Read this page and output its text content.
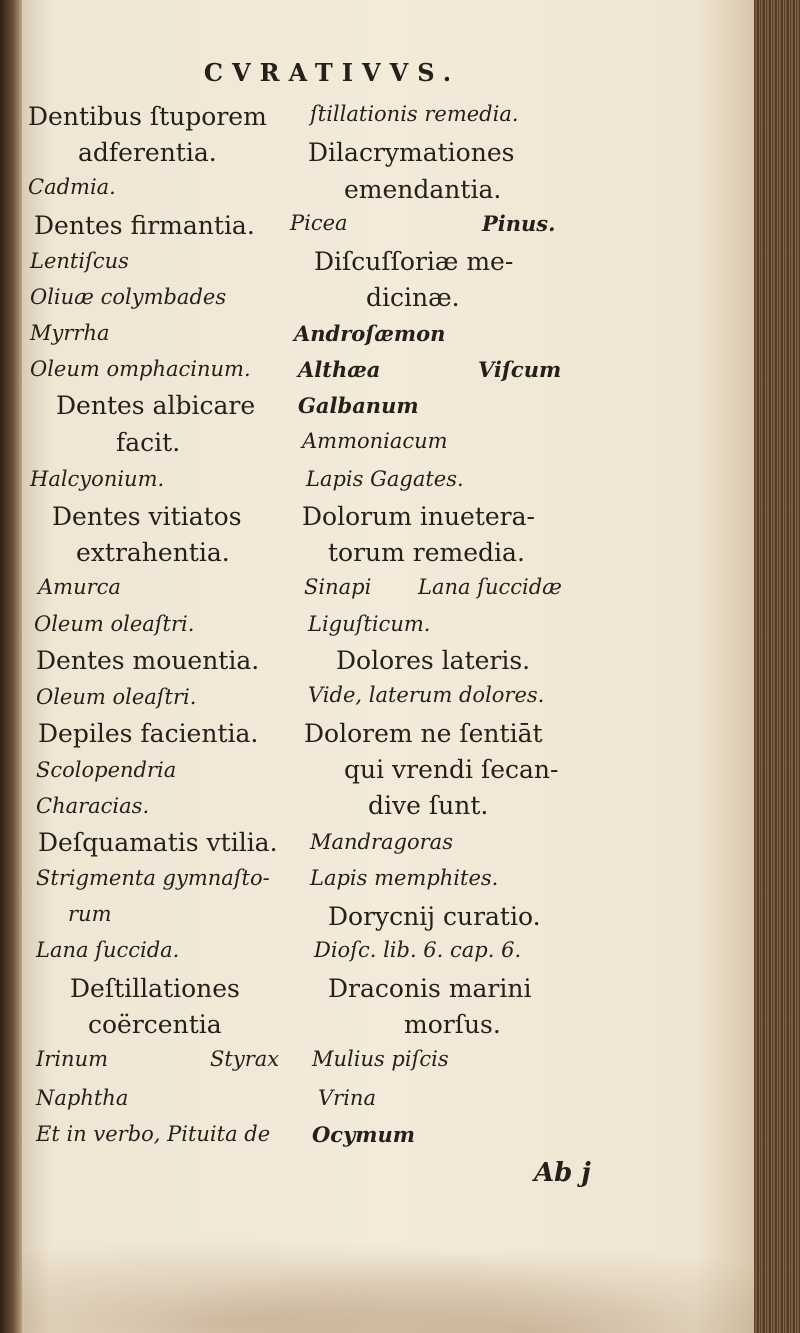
CVRATIVVS.
Dentibus ſtuporem
adferentia.
Cadmia.
Dentes firmantia.
Lentiſcus
Oliuæ colymbades
Myrrha
Oleum omphacinum.
Dentes albicare
facit.
Halcyonium.
Dentes vitiatos
extrahentia.
Amurca
Oleum oleaſtri.
Dentes mouentia.
Oleum oleaſtri.
Depiles facientia.
Scolopendria
Characias.
Deſquamatis vtilia.
Strigmenta gymnaſto-
rum
Lana ſuccida.
Deſtillationes
coërcentia
Irinum	Styrax
Naphtha
Et in verbo, Pituita de
ſtillationis remedia.
Dilacrymationes
emendantia.
Picea	Pinus.
Diſcuſſoriæ me-
dicinæ.
Androſæmon
Althæa	Viſcum
Galbanum
Ammoniacum
Lapis Gagates.
Dolorum inueterа-
torum remedia.
Sinapi Lana ſuccidæ
Liguſticum.
Dolores lateris.
Vide, laterum dolores.
Dolorem ne ſentiāt
qui vrendi ſecan-
dive ſunt.
Mandragoras
Lapis memphites.
Dorycnij curatio.
Dioſc. lib. 6. cap. 6.
Draconis marini
morſus.
Mulius piſcis
Vrina
Ocymum
Ab j
